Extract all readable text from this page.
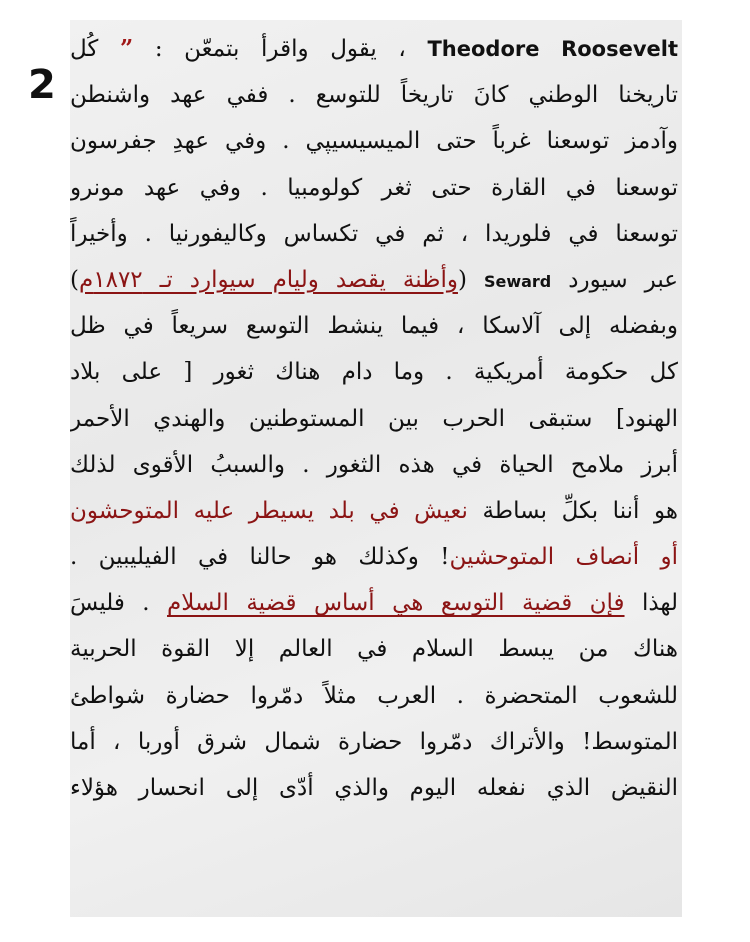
2
Theodore Roosevelt ، يقول واقرأ بتمعّن : ” كُل
تاريخنا الوطني كانَ تاريخاً للتوسع . ففي عهد واشنطن
وآدمز توسعنا غرباً حتى الميسيسيپي . وفي عهدِ جفرسون
توسعنا في القارة حتى ثغر كولومبيا . وفي عهد مونرو
توسعنا في فلوريدا ، ثم في تكساس وكاليفورنيا . وأخيراً
عبر سيورد Seward (وأظنة يقصد وليام سيوارد تـ ١٨٧٢م)
وبفضله إلى آلاسكا ، فيما ينشط التوسع سريعاً في ظل
كل حكومة أمريكية . وما دام هناك ثغور [ على بلاد
الهنود] ستبقى الحرب بين المستوطنين والهندي الأحمر
أبرز ملامح الحياة في هذه الثغور . والسببُ الأقوى لذلك
هو أننا بكلِّ بساطة نعيش في بلد يسيطر عليه المتوحشون
أو أنصاف المتوحشين! وكذلك هو حالنا في الفيليبين .
لهذا فإن قضية التوسع هي أساس قضية السلام . فليسَ
هناك من يبسط السلام في العالم إلا القوة الحربية
للشعوب المتحضرة . العرب مثلاً دمّروا حضارة شواطئ
المتوسط! والأتراك دمّروا حضارة شمال شرق أوربا ، أما
النقيض الذي نفعله اليوم والذي أدّى إلى انحسار هؤلاء
